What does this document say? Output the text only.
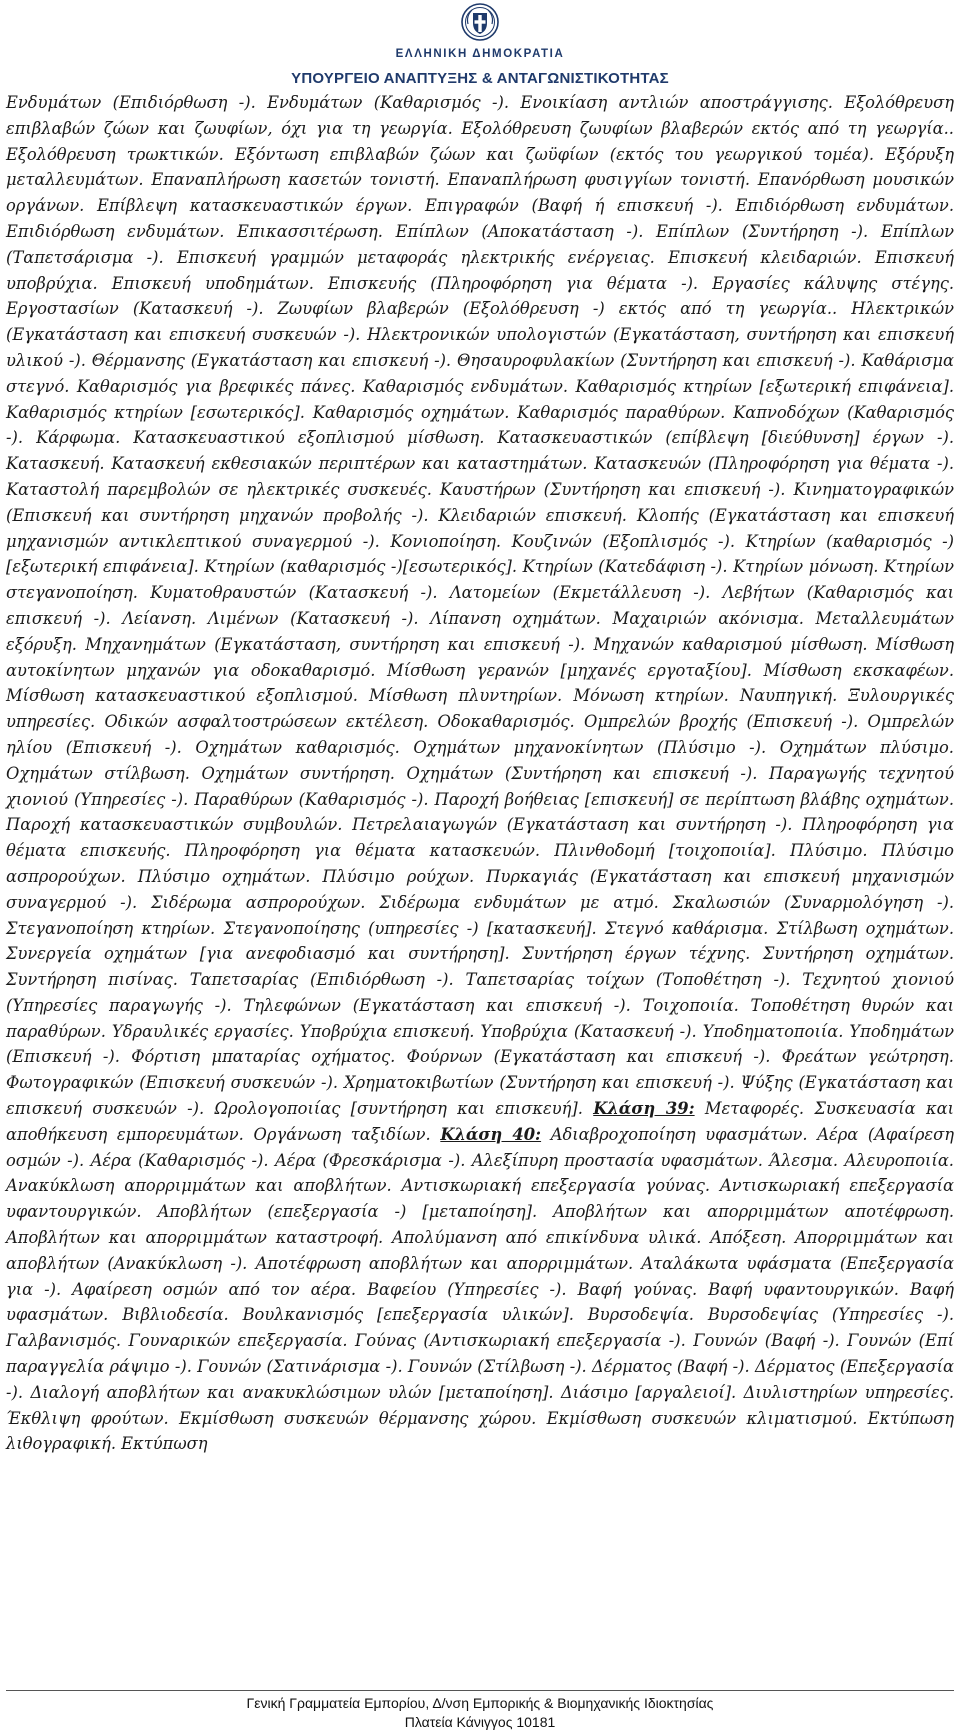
ΕΛΛΗΝΙΚΗ ΔΗΜΟΚΡΑΤΙΑ
ΥΠΟΥΡΓΕΙΟ ΑΝΑΠΤΥΞΗΣ & ΑΝΤΑΓΩΝΙΣΤΙΚΟΤΗΤΑΣ

Ενδυμάτων (Επιδιόρθωση -). Ενδυμάτων (Καθαρισμός -). Ενοικίαση αντλιών αποστράγγισης. Εξολόθρευση επιβλαβών ζώων και ζωυφίων, όχι για τη γεωργία. Εξολόθρευση ζωυφίων βλαβερών εκτός από τη γεωργία.. Εξολόθρευση τρωκτικών. Εξόντωση επιβλαβών ζώων και ζωϋφίων (εκτός του γεωργικού τομέα). Εξόρυξη μεταλλευμάτων. Επαναπλήρωση κασετών τονιστή. Επαναπλήρωση φυσιγγίων τονιστή. Επανόρθωση μουσικών οργάνων. Επίβλεψη κατασκευαστικών έργων. Επιγραφών (Βαφή ή επισκευή -). Επιδιόρθωση ενδυμάτων. Επιδιόρθωση ενδυμάτων. Επικασσιτέρωση. Επίπλων (Αποκατάσταση -). Επίπλων (Συντήρηση -). Επίπλων (Ταπετσάρισμα -). Επισκευή γραμμών μεταφοράς ηλεκτρικής ενέργειας. Επισκευή κλειδαριών. Επισκευή υποβρύχια. Επισκευή υποδημάτων. Επισκευής (Πληροφόρηση για θέματα -). Εργασίες κάλυψης στέγης. Εργοστασίων (Κατασκευή -). Ζωυφίων βλαβερών (Εξολόθρευση -) εκτός από τη γεωργία.. Ηλεκτρικών (Εγκατάσταση και επισκευή συσκευών -). Ηλεκτρονικών υπολογιστών (Εγκατάσταση, συντήρηση και επισκευή υλικού -). Θέρμανσης (Εγκατάσταση και επισκευή -). Θησαυροφυλακίων (Συντήρηση και επισκευή -). Καθάρισμα στεγνό. Καθαρισμός για βρεφικές πάνες. Καθαρισμός ενδυμάτων. Καθαρισμός κτηρίων [εξωτερική επιφάνεια]. Καθαρισμός κτηρίων [εσωτερικός]. Καθαρισμός οχημάτων. Καθαρισμός παραθύρων. Καπνοδόχων (Καθαρισμός -). Κάρφωμα. Κατασκευαστικού εξοπλισμού μίσθωση. Κατασκευαστικών (επίβλεψη [διεύθυνση] έργων -). Κατασκευή. Κατασκευή εκθεσιακών περιπτέρων και καταστημάτων. Κατασκευών (Πληροφόρηση για θέματα -). Καταστολή παρεμβολών σε ηλεκτρικές συσκευές. Καυστήρων (Συντήρηση και επισκευή -). Κινηματογραφικών (Επισκευή και συντήρηση μηχανών προβολής -). Κλειδαριών επισκευή. Κλοπής (Εγκατάσταση και επισκευή μηχανισμών αντικλεπτικού συναγερμού -). Κονιοποίηση. Κουζινών (Εξοπλισμός -). Κτηρίων (καθαρισμός -) [εξωτερική επιφάνεια]. Κτηρίων (καθαρισμός -)[εσωτερικός]. Κτηρίων (Κατεδάφιση -). Κτηρίων μόνωση. Κτηρίων στεγανοποίηση. Κυματοθραυστών (Κατασκευή -). Λατομείων (Εκμετάλλευση -). Λεβήτων (Καθαρισμός και επισκευή -). Λείανση. Λιμένων (Κατασκευή -). Λίπανση οχημάτων. Μαχαιριών ακόνισμα. Μεταλλευμάτων εξόρυξη. Μηχανημάτων (Εγκατάσταση, συντήρηση και επισκευή -). Μηχανών καθαρισμού μίσθωση. Μίσθωση αυτοκίνητων μηχανών για οδοκαθαρισμό. Μίσθωση γερανών [μηχανές εργοταξίου]. Μίσθωση εκσκαφέων. Μίσθωση κατασκευαστικού εξοπλισμού. Μίσθωση πλυντηρίων. Μόνωση κτηρίων. Ναυπηγική. Ξυλουργικές υπηρεσίες. Οδικών ασφαλτοστρώσεων εκτέλεση. Οδοκαθαρισμός. Ομπρελών βροχής (Επισκευή -). Ομπρελών ηλίου (Επισκευή -). Οχημάτων καθαρισμός. Οχημάτων μηχανοκίνητων (Πλύσιμο -). Οχημάτων πλύσιμο. Οχημάτων στίλβωση. Οχημάτων συντήρηση. Οχημάτων (Συντήρηση και επισκευή -). Παραγωγής τεχνητού χιονιού (Υπηρεσίες -). Παραθύρων (Καθαρισμός -). Παροχή βοήθειας [επισκευή] σε περίπτωση βλάβης οχημάτων. Παροχή κατασκευαστικών συμβουλών. Πετρελαιαγωγών (Εγκατάσταση και συντήρηση -). Πληροφόρηση για θέματα επισκευής. Πληροφόρηση για θέματα κατασκευών. Πλινθοδομή [τοιχοποιία]. Πλύσιμο. Πλύσιμο ασπρορούχων. Πλύσιμο οχημάτων. Πλύσιμο ρούχων. Πυρκαγιάς (Εγκατάσταση και επισκευή μηχανισμών συναγερμού -). Σιδέρωμα ασπρορούχων. Σιδέρωμα ενδυμάτων με ατμό. Σκαλωσιών (Συναρμολόγηση -). Στεγανοποίηση κτηρίων. Στεγανοποίησης (υπηρεσίες -) [κατασκευή]. Στεγνό καθάρισμα. Στίλβωση οχημάτων. Συνεργεία οχημάτων [για ανεφοδιασμό και συντήρηση]. Συντήρηση έργων τέχνης. Συντήρηση οχημάτων. Συντήρηση πισίνας. Ταπετσαρίας (Επιδιόρθωση -). Ταπετσαρίας τοίχων (Τοποθέτηση -). Τεχνητού χιονιού (Υπηρεσίες παραγωγής -). Τηλεφώνων (Εγκατάσταση και επισκευή -). Τοιχοποιία. Τοποθέτηση θυρών και παραθύρων. Υδραυλικές εργασίες. Υποβρύχια επισκευή. Υποβρύχια (Κατασκευή -). Υποδηματοποιία. Υποδημάτων (Επισκευή -). Φόρτιση μπαταρίας οχήματος. Φούρνων (Εγκατάσταση και επισκευή -). Φρεάτων γεώτρηση. Φωτογραφικών (Επισκευή συσκευών -). Χρηματοκιβωτίων (Συντήρηση και επισκευή -). Ψύξης (Εγκατάσταση και επισκευή συσκευών -). Ωρολογοποιίας [συντήρηση και επισκευή]. Κλάση 39: Μεταφορές. Συσκευασία και αποθήκευση εμπορευμάτων. Οργάνωση ταξιδίων. Κλάση 40: Αδιαβροχοποίηση υφασμάτων. Αέρα (Αφαίρεση οσμών -). Αέρα (Καθαρισμός -). Αέρα (Φρεσκάρισμα -). Αλεξίπυρη προστασία υφασμάτων. Άλεσμα. Αλευροποιία. Ανακύκλωση απορριμμάτων και αποβλήτων. Αντισκωριακή επεξεργασία γούνας. Αντισκωριακή επεξεργασία υφαντουργικών. Αποβλήτων (επεξεργασία -) [μεταποίηση]. Αποβλήτων και απορριμμάτων αποτέφρωση. Αποβλήτων και απορριμμάτων καταστροφή. Απολύμανση από επικίνδυνα υλικά. Απόξεση. Απορριμμάτων και αποβλήτων (Ανακύκλωση -). Αποτέφρωση αποβλήτων και απορριμμάτων. Αταλάκωτα υφάσματα (Επεξεργασία για -). Αφαίρεση οσμών από τον αέρα. Βαφείου (Υπηρεσίες -). Βαφή γούνας. Βαφή υφαντουργικών. Βαφή υφασμάτων. Βιβλιοδεσία. Βουλκανισμός [επεξεργασία υλικών]. Βυρσοδεψία. Βυρσοδεψίας (Υπηρεσίες -). Γαλβανισμός. Γουναρικών επεξεργασία. Γούνας (Αντισκωριακή επεξεργασία -). Γουνών (Βαφή -). Γουνών (Επί παραγγελία ράψιμο -). Γουνών (Σατινάρισμα -). Γουνών (Στίλβωση -). Δέρματος (Βαφή -). Δέρματος (Επεξεργασία -). Διαλογή αποβλήτων και ανακυκλώσιμων υλών [μεταποίηση]. Διάσιμο [αργαλειοί]. Διυλιστηρίων υπηρεσίες. Έκθλιψη φρούτων. Εκμίσθωση συσκευών θέρμανσης χώρου. Εκμίσθωση συσκευών κλιματισμού. Εκτύπωση λιθογραφική. Εκτύπωση

Γενική Γραμματεία Εμπορίου, Δ/νση Εμπορικής & Βιομηχανικής Ιδιοκτησίας
Πλατεία Κάνιγγος 10181
